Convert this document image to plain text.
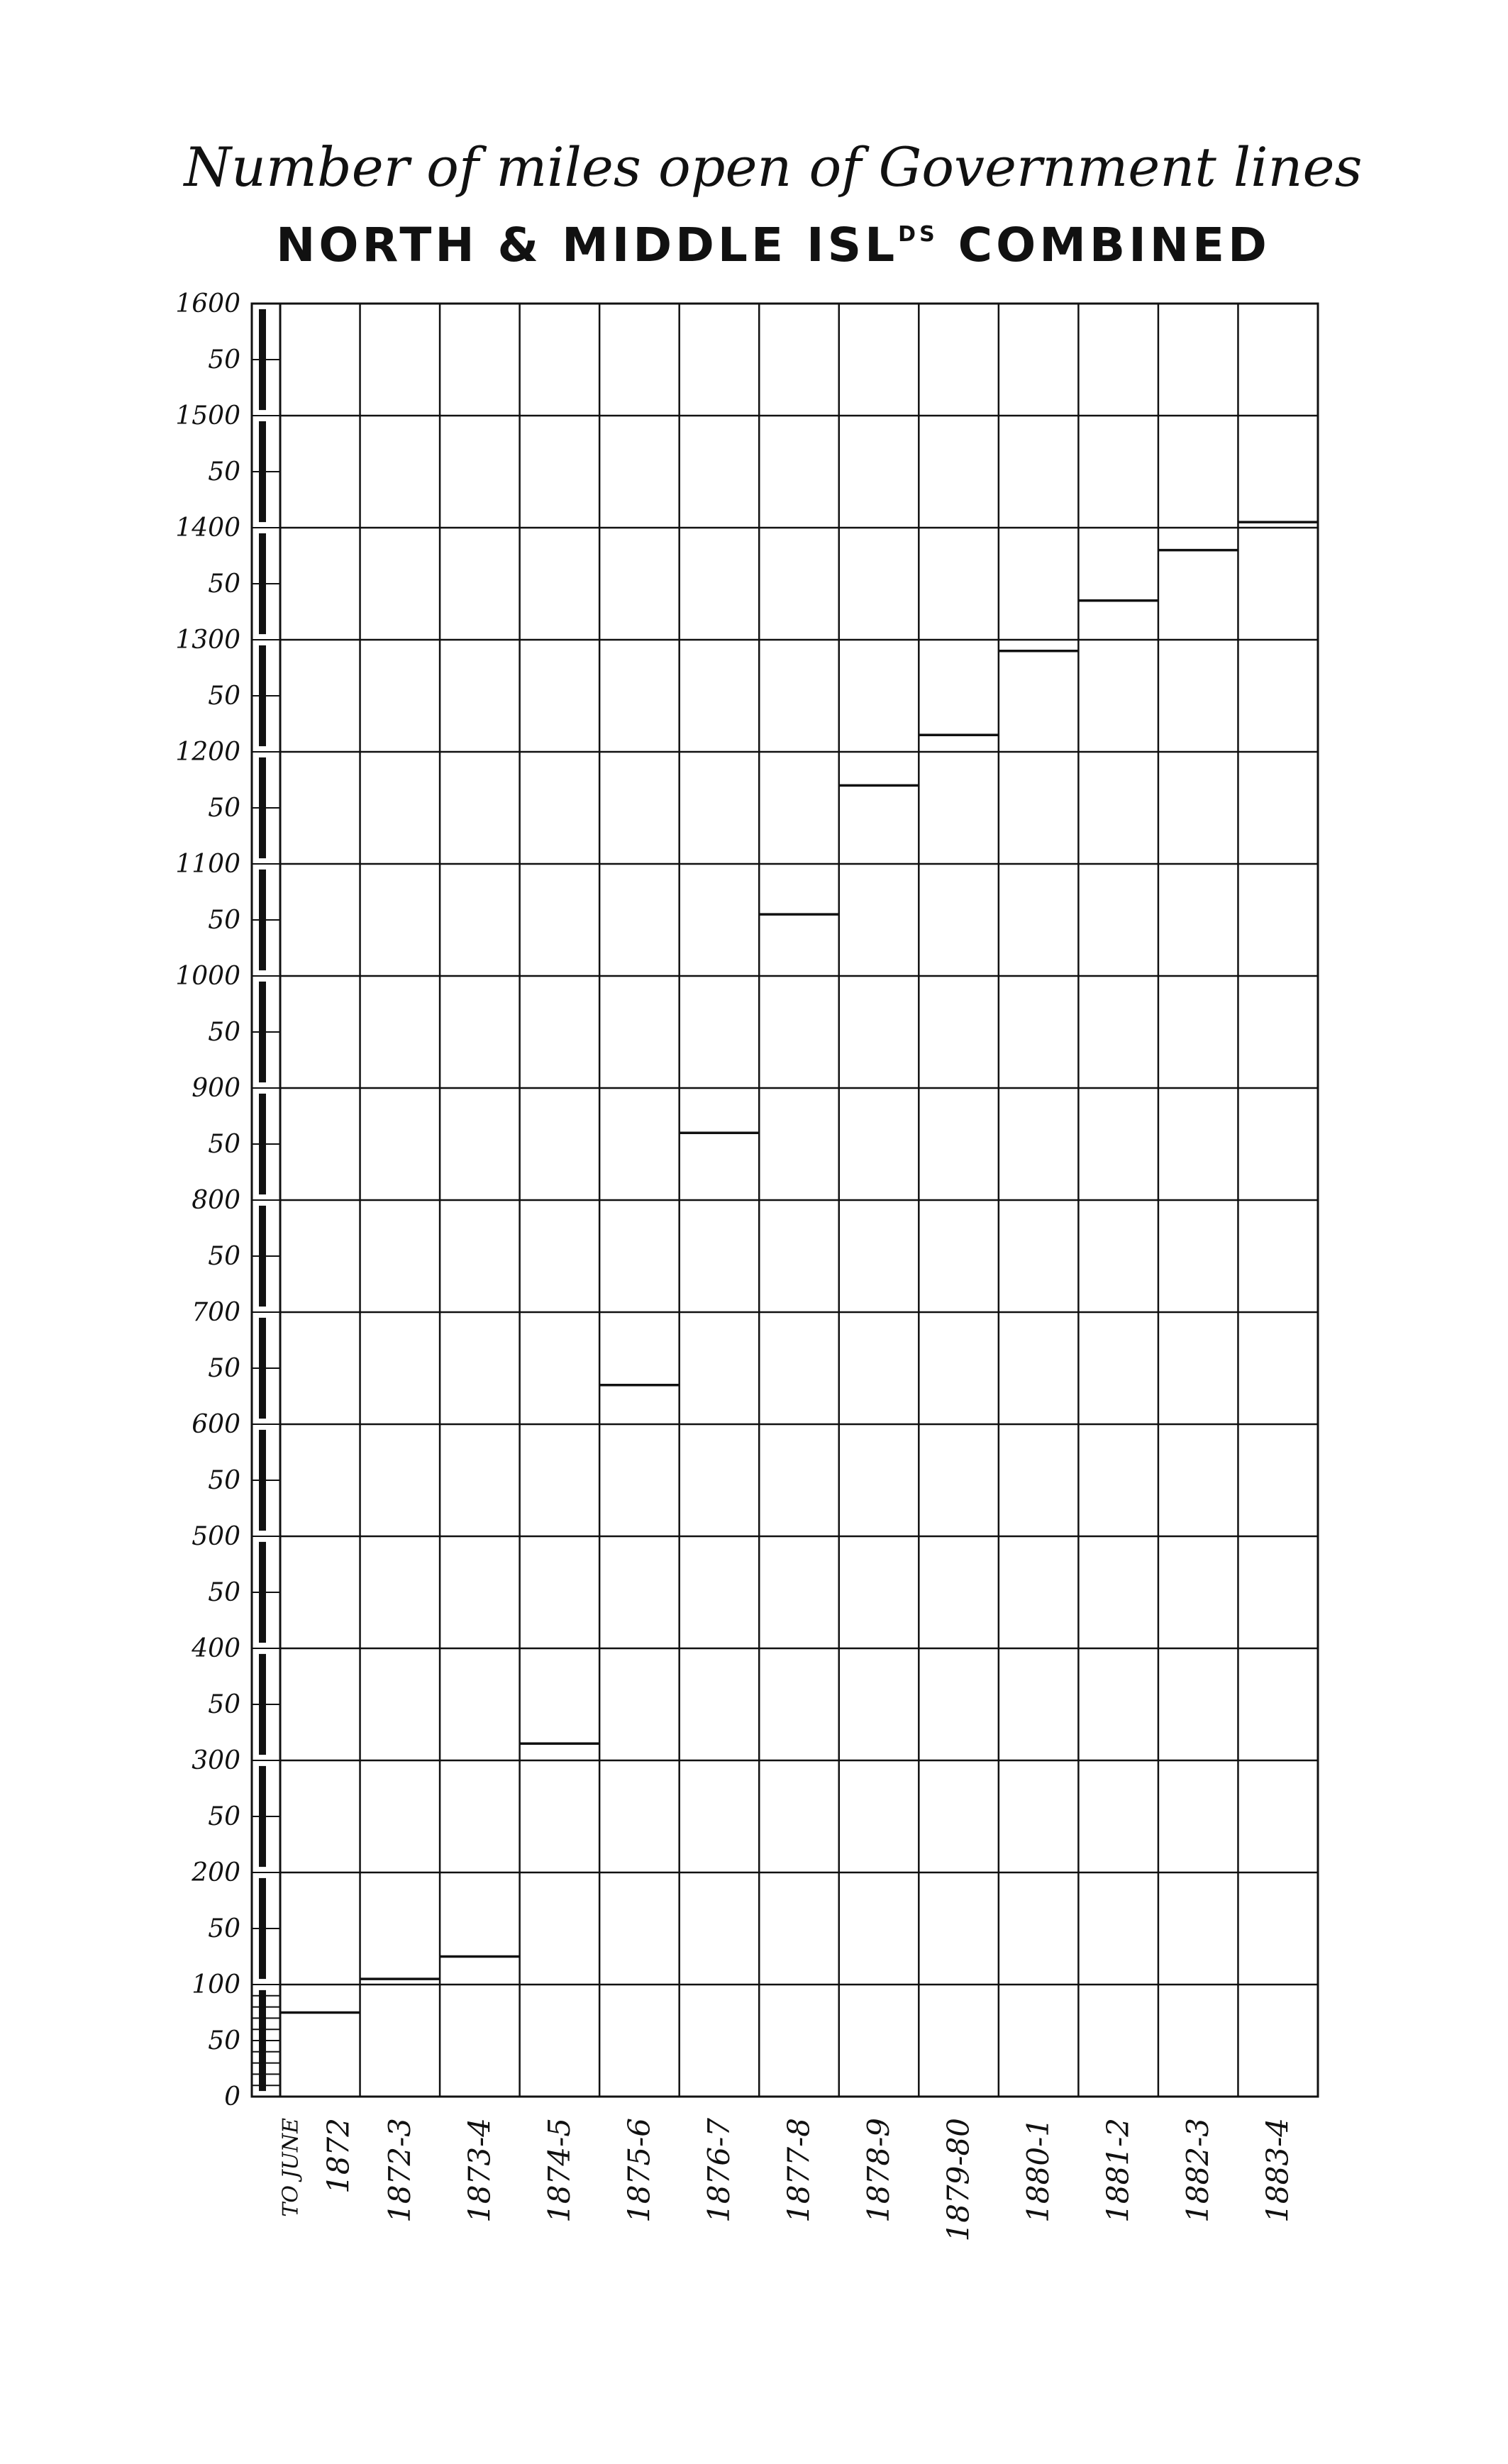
Number of miles open of Government lines
NORTH & MIDDLE $ISL^{DS}$ COMBINED
0
50
100
50
200
50
300
50
400
50
500
50
600
50
700
50
800
50
900
50
1000
50
1100
50
1200
50
1300
50
1400
50
1500
50
1600
TO JUNE 1872 1872-3 1873-4 1874-5 1875-6 1876-7 1877-8 1878-9 1879-80 1880-1 1881-2 1882-3 1883-4
